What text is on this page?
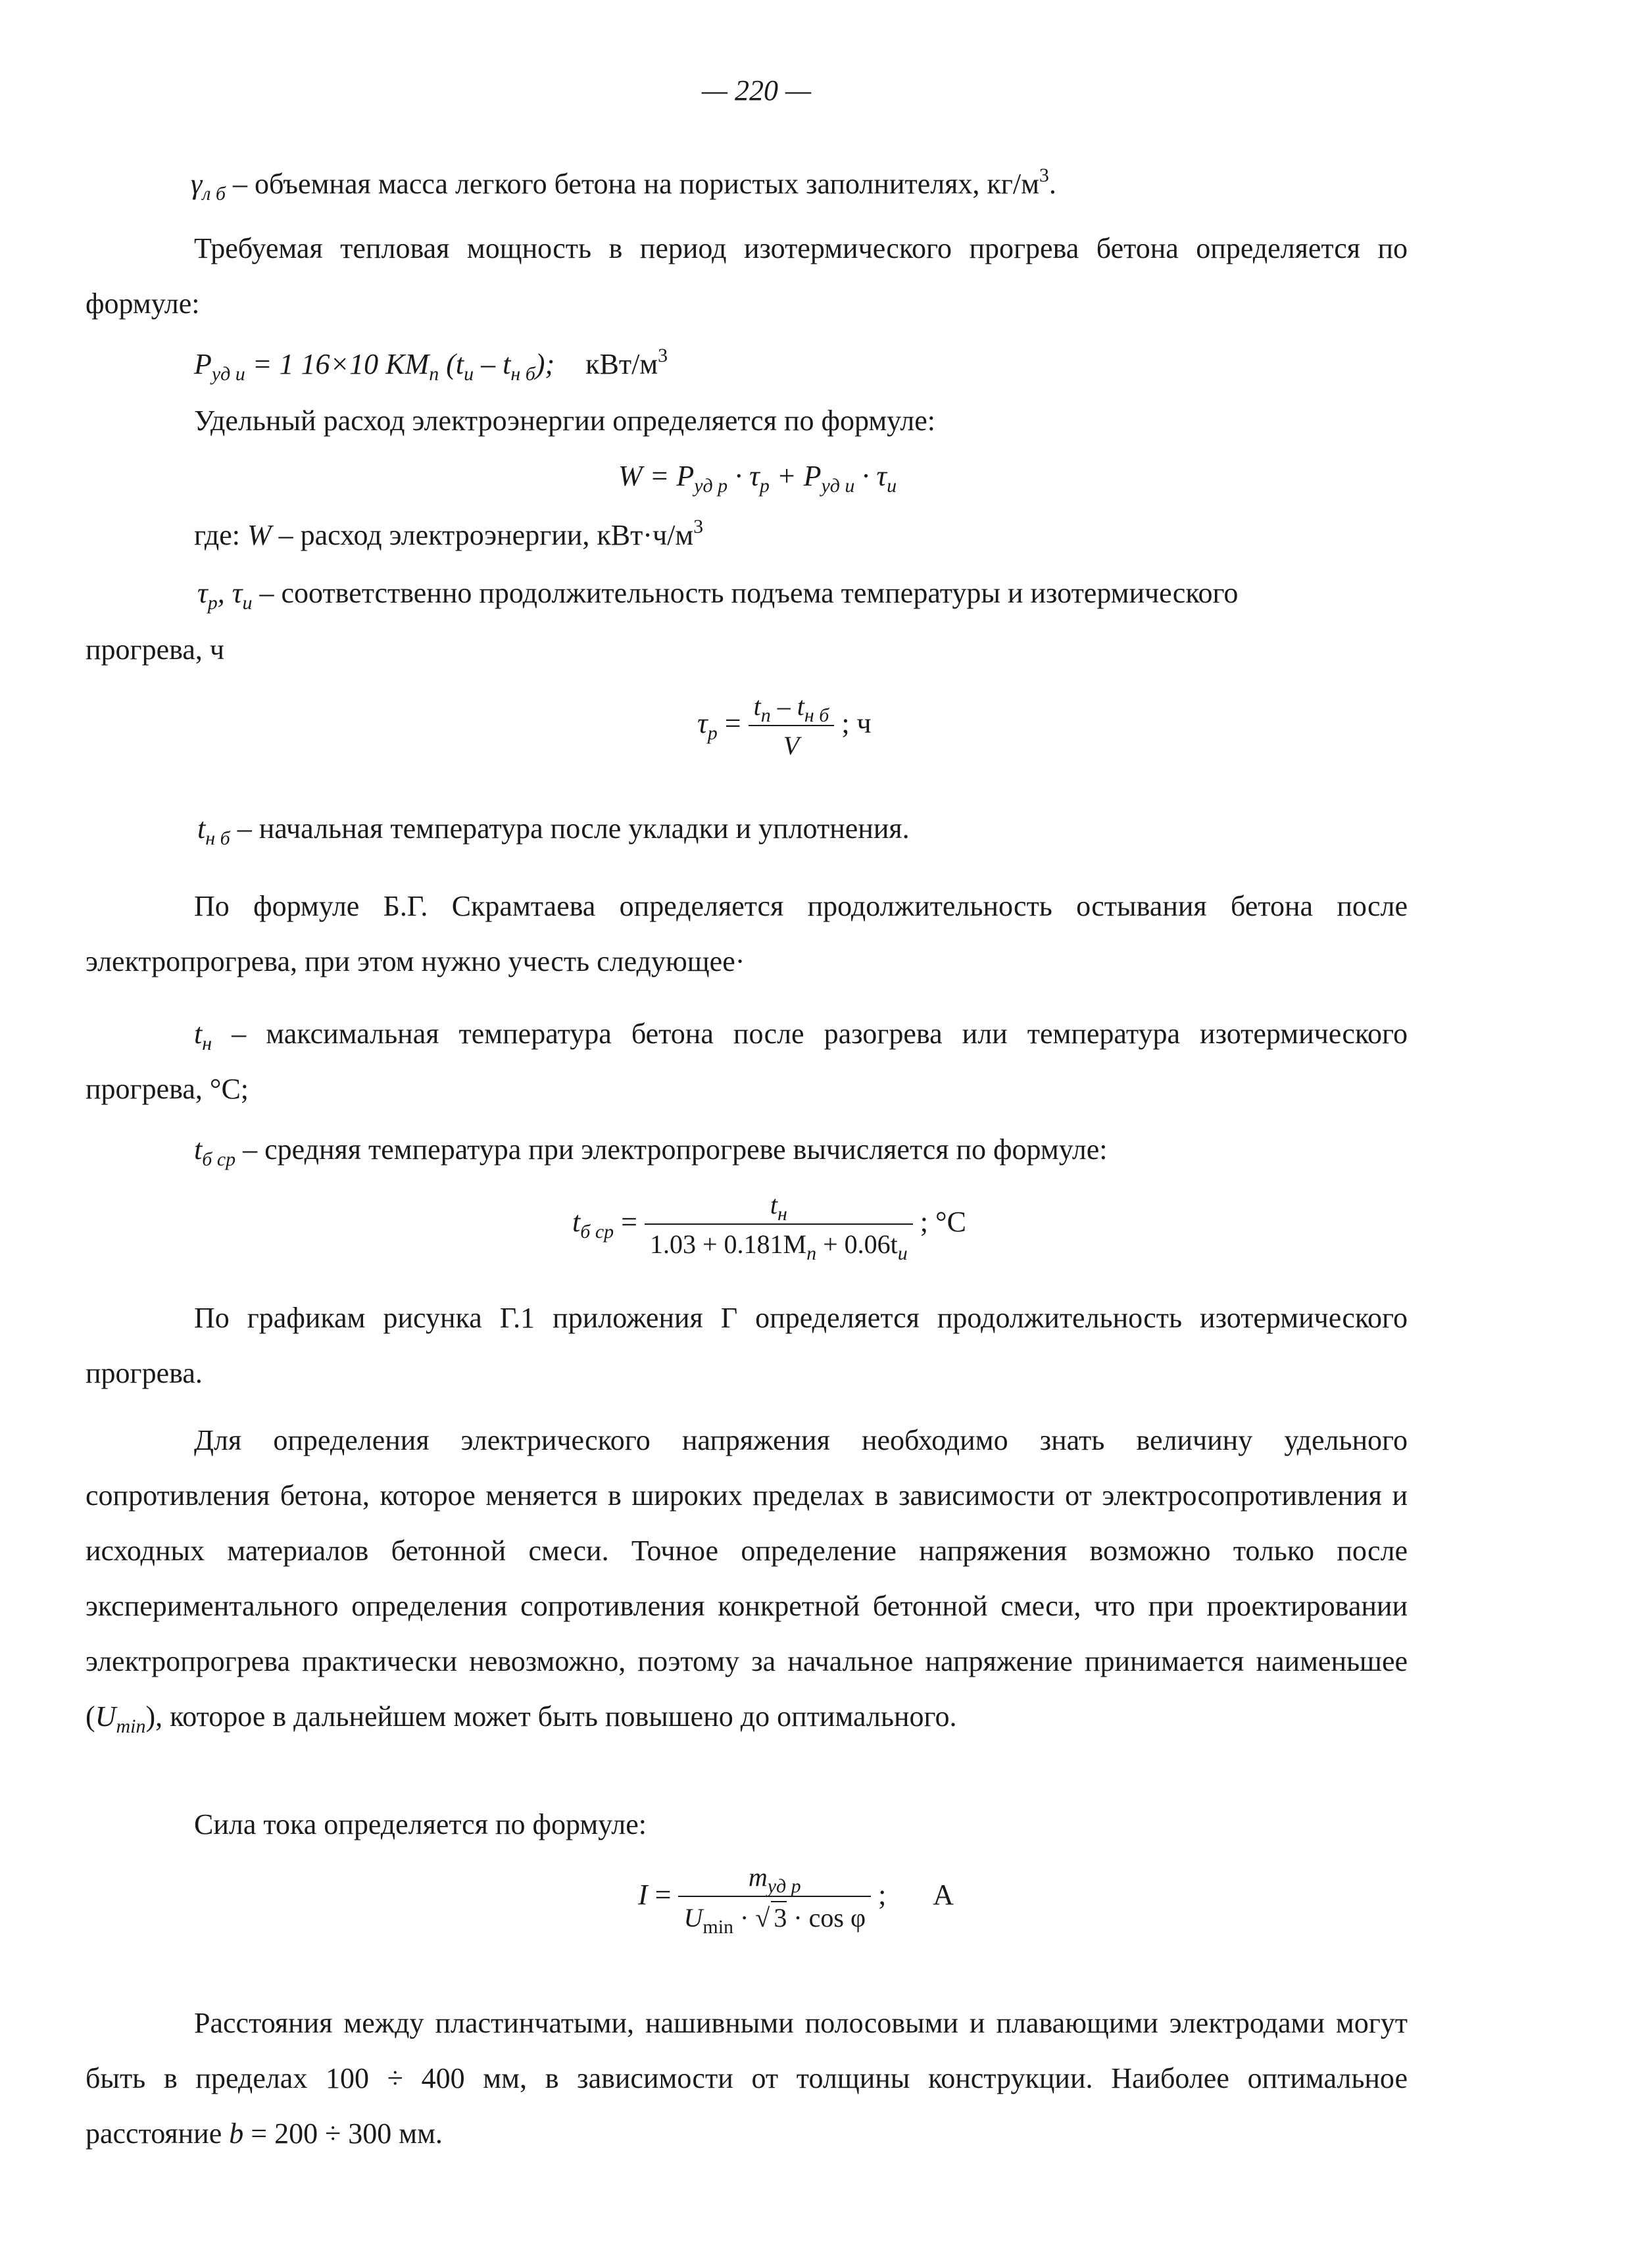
— 220 —
$\gamma_{л б}$ – объемная масса легкого бетона на пористых заполнителях, $кг/м^3$.
Требуемая тепловая мощность в период изотермического прогрева бетона определяется по формуле:
$P_{уд и} = 1$ 16×10 $KM_п$ $(t_и - t_{н б})$; кВт/$м^3$
Удельный расход электроэнергии определяется по формуле:
$W = P_{уд р} \cdot \tau_р + P_{уд и} \cdot \tau_и$
где: W – расход электроэнергии, $кВт\cdot ч/м^3$
$\tau_р$, $\tau_и$ – соответственно продолжительность подъема температуры и изотермического
прогрева, ч
$\tau_р = \frac{t_п - t_{н б}}{V}$ ; ч
$t_{н б}$ – начальная температура после укладки и уплотнения.
По формуле Б.Г. Скрамтаева определяется продолжительность остывания бетона после электропрогрева, при этом нужно учесть следующее·
$t_н$ – максимальная температура бетона после разогрева или температура изотермического прогрева, °С;
$t_{б ср}$ – средняя температура при электропрогреве вычисляется по формуле:
$t_{б ср} = \frac{t_н}{1.03 + 0.181M_п + 0.06t_и}$ ; °С
По графикам рисунка Г.1 приложения Г определяется продолжительность изотермического прогрева.
Для определения электрического напряжения необходимо знать величину удельного сопротивления бетона, которое меняется в широких пределах в зависимости от электросопротивления и исходных материалов бетонной смеси. Точное определение напряжения возможно только после экспериментального определения сопротивления конкретной бетонной смеси, что при проектировании электропрогрева практически невозможно, поэтому за начальное напряжение принимается наименьшее $(U_{min})$, которое в дальнейшем может быть повышено до оптимального.
Сила тока определяется по формуле:
$I = \frac{m_{уд р}}{U_{min} \cdot √ 3 \cdot \cos \varphi}$ ; А
Расстояния между пластинчатыми, нашивными полосовыми и плавающими электродами могут быть в пределах 100 ÷ 400 мм, в зависимости от толщины конструкции. Наиболее оптимальное расстояние b = 200 ÷ 300 мм.
